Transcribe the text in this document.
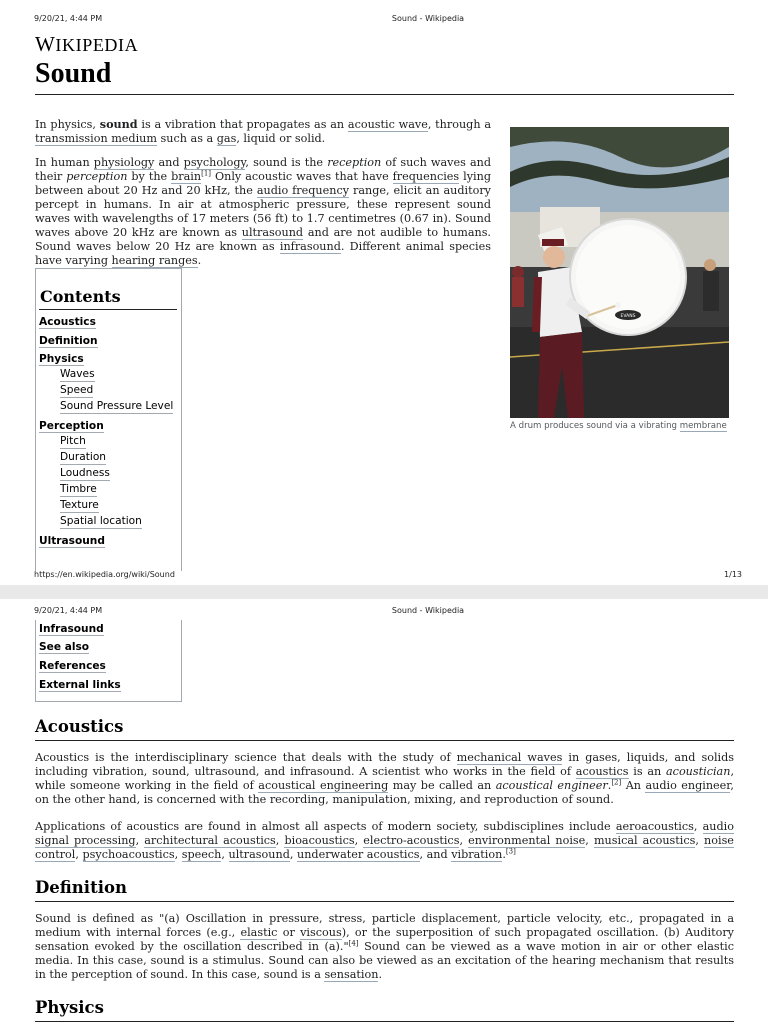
9/20/21, 4:44 PM	Sound - Wikipedia
WIKIPEDIA
Sound

In physics, sound is a vibration that propagates as an acoustic wave, through a transmission medium such as a gas, liquid or solid.

In human physiology and psychology, sound is the reception of such waves and their perception by the brain[1] Only acoustic waves that have frequencies lying between about 20 Hz and 20 kHz, the audio frequency range, elicit an auditory percept in humans. In air at atmospheric pressure, these represent sound waves with wavelengths of 17 meters (56 ft) to 1.7 centimetres (0.67 in). Sound waves above 20 kHz are known as ultrasound and are not audible to humans. Sound waves below 20 Hz are known as infrasound. Different animal species have varying hearing ranges.

EVANS
A drum produces sound via a vibrating membrane
Contents
Acoustics
Definition
Physics
Waves
Speed
Sound Pressure Level
Perception
Pitch
Duration
Loudness
Timbre
Texture
Spatial location
Ultrasound
https://en.wikipedia.org/wiki/Sound	1/13
9/20/21, 4:44 PM	Sound - Wikipedia
Infrasound
See also
References
External links
Acoustics

Acoustics is the interdisciplinary science that deals with the study of mechanical waves in gases, liquids, and solids including vibration, sound, ultrasound, and infrasound. A scientist who works in the field of acoustics is an acoustician, while someone working in the field of acoustical engineering may be called an acoustical engineer.[2] An audio engineer, on the other hand, is concerned with the recording, manipulation, mixing, and reproduction of sound.

Applications of acoustics are found in almost all aspects of modern society, subdisciplines include aeroacoustics, audio signal processing, architectural acoustics, bioacoustics, electro-acoustics, environmental noise, musical acoustics, noise control, psychoacoustics, speech, ultrasound, underwater acoustics, and vibration.[3]

Definition

Sound is defined as "(a) Oscillation in pressure, stress, particle displacement, particle velocity, etc., propagated in a medium with internal forces (e.g., elastic or viscous), or the superposition of such propagated oscillation. (b) Auditory sensation evoked by the oscillation described in (a)."[4] Sound can be viewed as a wave motion in air or other elastic media. In this case, sound is a stimulus. Sound can also be viewed as an excitation of the hearing mechanism that results in the perception of sound. In this case, sound is a sensation.

Physics
